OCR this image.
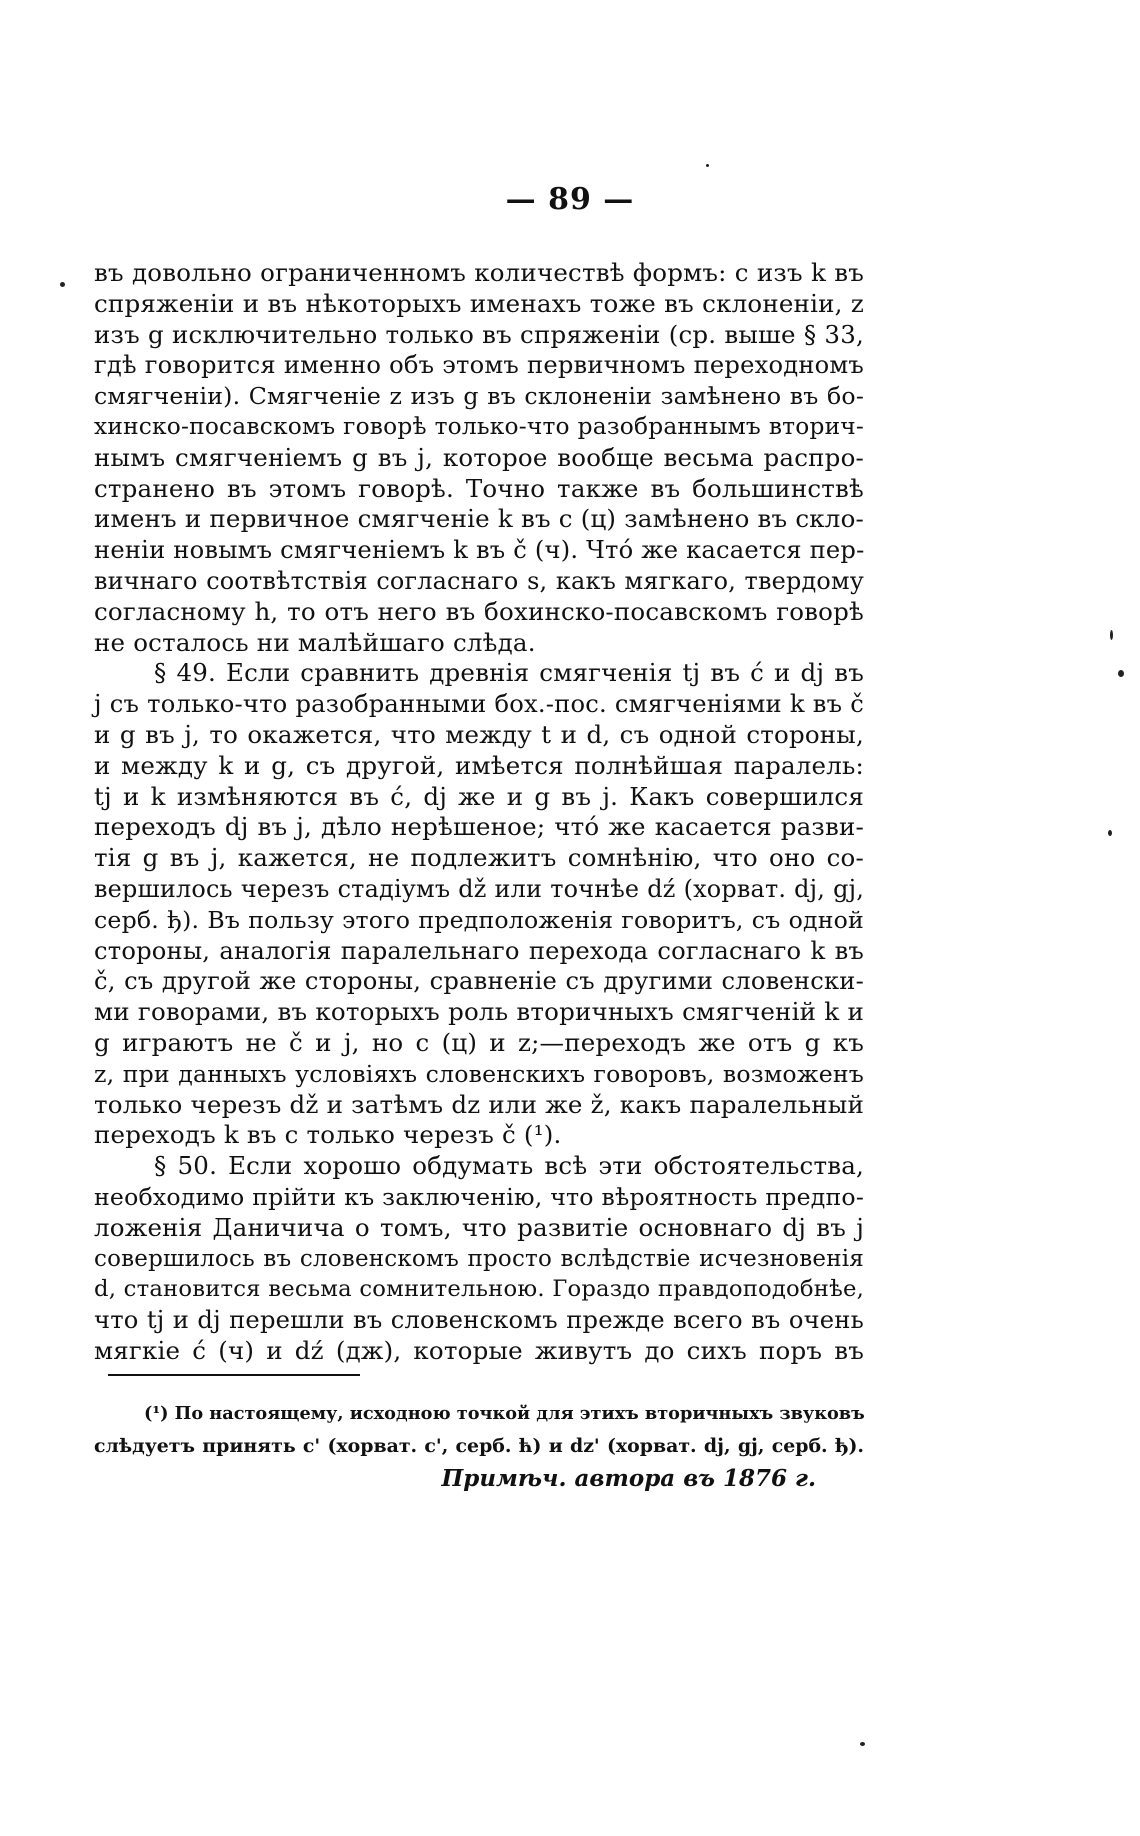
— 89 —
въ довольно ограниченномъ количествѣ формъ: с изъ k въ
спряженіи и въ нѣкоторыхъ именахъ тоже въ склоненіи, z
изъ g исключительно только въ спряженіи (ср. выше § 33,
гдѣ говорится именно объ этомъ первичномъ переходномъ
смягченіи). Смягченіе z изъ g въ склоненіи замѣнено въ бо-
хинско-посавскомъ говорѣ только-что разобраннымъ вторич-
нымъ смягченіемъ g въ j, которое вообще весьма распро-
странено въ этомъ говорѣ. Точно также въ большинствѣ
именъ и первичное смягченіе k въ с (ц) замѣнено въ скло-
неніи новымъ смягченіемъ k въ č (ч). Что́ же касается пер-
вичнаго соотвѣтствія согласнаго s, какъ мягкаго, твердому
согласному h, то отъ него въ бохинско-посавскомъ говорѣ
не осталось ни малѣйшаго слѣда.
§ 49. Если сравнить древнія смягченія tj въ ć и dj въ
j съ только-что разобранными бох.-пос. смягченіями k въ č
и g въ j, то окажется, что между t и d, съ одной стороны,
и между k и g, съ другой, имѣется полнѣйшая паралель:
tj и k измѣняются въ ć, dj же и g въ j. Какъ совершился
переходъ dj въ j, дѣло нерѣшеное; что́ же касается разви-
тія g въ j, кажется, не подлежитъ сомнѣнію, что оно со-
вершилось черезъ стадіумъ dž или точнѣе dź (хорват. dj, gj,
серб. ђ). Въ пользу этого предположенія говоритъ, съ одной
стороны, аналогія паралельнаго перехода согласнаго k въ
č, съ другой же стороны, сравненіе съ другими словенски-
ми говорами, въ которыхъ роль вторичныхъ смягченій k и
g играютъ не č и j, но с (ц) и z;—переходъ же отъ g къ
z, при данныхъ условіяхъ словенскихъ говоровъ, возможенъ
только черезъ dž и затѣмъ dz или же ž, какъ паралельный
переходъ k въ с только черезъ č (¹).
§ 50. Если хорошо обдумать всѣ эти обстоятельства,
необходимо прійти къ заключенію, что вѣроятность предпо-
ложенія Даничича о томъ, что развитіе основнаго dj въ j
совершилось въ словенскомъ просто вслѣдствіе исчезновенія
d, становится весьма сомнительною. Гораздо правдоподобнѣе,
что tj и dj перешли въ словенскомъ прежде всего въ очень
мягкіе ć (ч) и dź (дж), которые живутъ до сихъ поръ въ
(¹) По настоящему, исходною точкой для этихъ вторичныхъ звуковъ
слѣдуетъ принять с' (хорват. с', серб. ћ) и dz' (хорват. dj, gj, серб. ђ).
Примѣч. автора въ 1876 г.
